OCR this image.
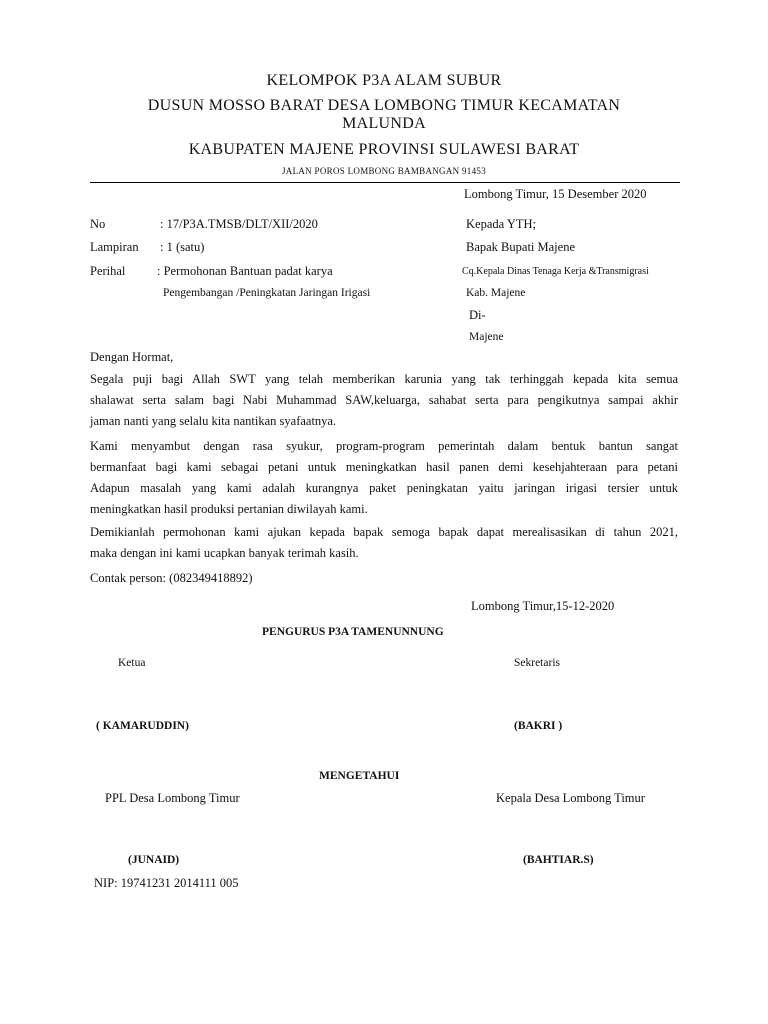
KELOMPOK P3A ALAM SUBUR
DUSUN MOSSO BARAT DESA LOMBONG TIMUR KECAMATAN
MALUNDA
KABUPATEN MAJENE PROVINSI SULAWESI BARAT
JALAN POROS LOMBONG BAMBANGAN 91453
Lombong Timur, 15 Desember 2020
No	: 17/P3A.TMSB/DLT/XII/2020
Lampiran : 1 (satu)
Perihal	: Permohonan Bantuan padat karya
Pengembangan /Peningkatan Jaringan Irigasi
Kepada YTH;
Bapak Bupati Majene
Cq.Kepala Dinas Tenaga Kerja &Transmigrasi
Kab. Majene
Di-
Majene
Dengan Hormat,
Segala puji bagi Allah SWT yang telah memberikan karunia yang tak terhinggah kepada kita semua
shalawat serta salam bagi Nabi Muhammad SAW,keluarga, sahabat serta para pengikutnya sampai akhir
jaman nanti yang selalu kita nantikan syafaatnya.
Kami menyambut dengan rasa syukur, program-program pemerintah dalam bentuk bantun sangat
bermanfaat bagi kami sebagai petani untuk meningkatkan hasil panen demi kesehjahteraan para petani
Adapun masalah yang kami adalah kurangnya paket peningkatan yaitu jaringan irigasi tersier untuk
meningkatkan hasil produksi pertanian diwilayah kami.
Demikianlah permohonan kami ajukan kepada bapak semoga bapak dapat merealisasikan di tahun 2021,
maka dengan ini kami ucapkan banyak terimah kasih.
Contak person: (082349418892)
Lombong Timur,15-12-2020
PENGURUS P3A TAMENUNNUNG
Ketua	Sekretaris
( KAMARUDDIN)	(BAKRI )
MENGETAHUI
PPL Desa Lombong Timur	Kepala Desa Lombong Timur
(JUNAID)	(BAHTIAR.S)
NIP: 19741231 2014111 005
